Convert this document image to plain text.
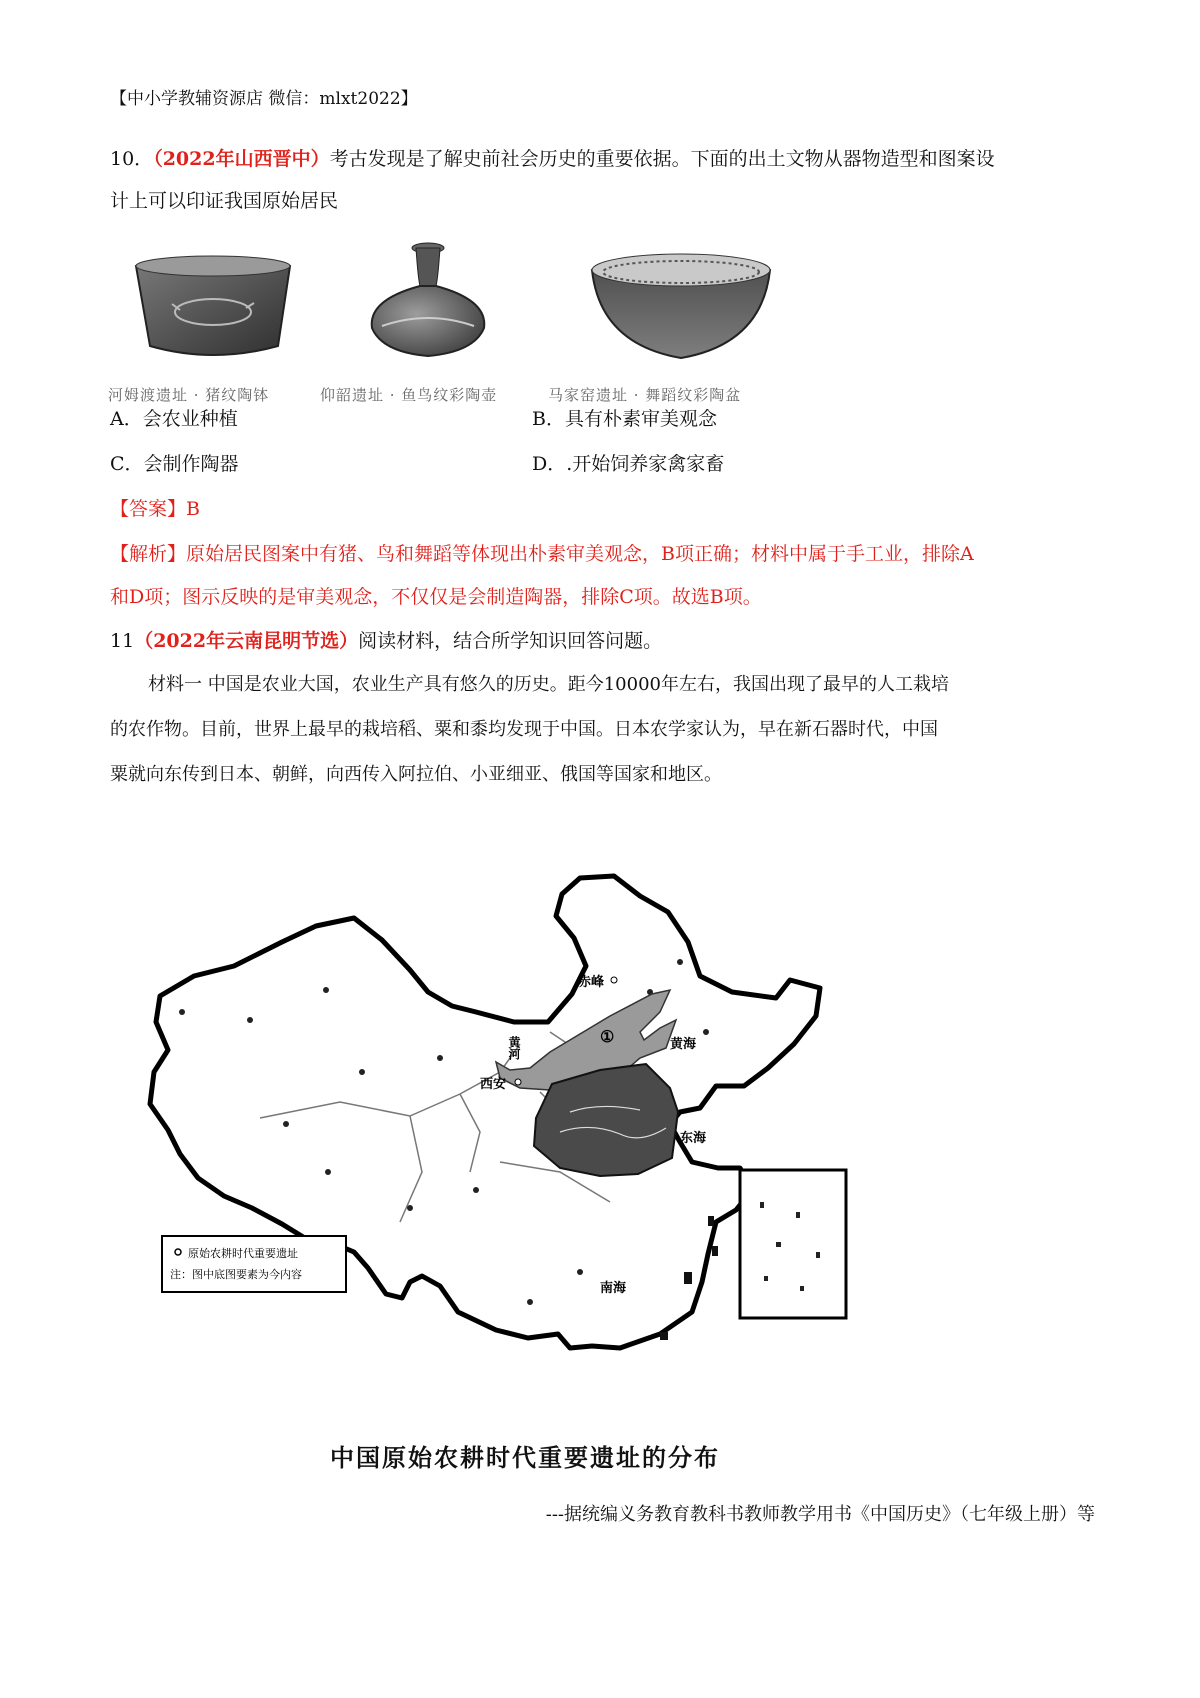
【中小学教辅资源店 微信：mlxt2022】
10．（2022年山西晋中）考古发现是了解史前社会历史的重要依据。下面的出土文物从器物造型和图案设
计上可以印证我国原始居民
河姆渡遗址 · 猪纹陶钵	仰韶遗址 · 鱼鸟纹彩陶壶	马家窑遗址 · 舞蹈纹彩陶盆
A．会农业种植	B．具有朴素审美观念
C．会制作陶器	D．.开始饲养家禽家畜
【答案】B
【解析】原始居民图案中有猪、鸟和舞蹈等体现出朴素审美观念，B项正确；材料中属于手工业，排除A
和D项；图示反映的是审美观念，不仅仅是会制造陶器，排除C项。故选B项。
11（2022年云南昆明节选）阅读材料，结合所学知识回答问题。
材料一 中国是农业大国，农业生产具有悠久的历史。距今10000年左右，我国出现了最早的人工栽培
的农作物。目前，世界上最早的栽培稻、粟和黍均发现于中国。日本农学家认为，早在新石器时代，中国
粟就向东传到日本、朝鲜，向西传入阿拉伯、小亚细亚、俄国等国家和地区。
原始农耕时代重要遗址
注：图中底图要素为今内容
赤峰
西安
黄河	①	黄海
东海
南海
中国原始农耕时代重要遗址的分布
---据统编义务教育教科书教师教学用书《中国历史》（七年级上册）等
